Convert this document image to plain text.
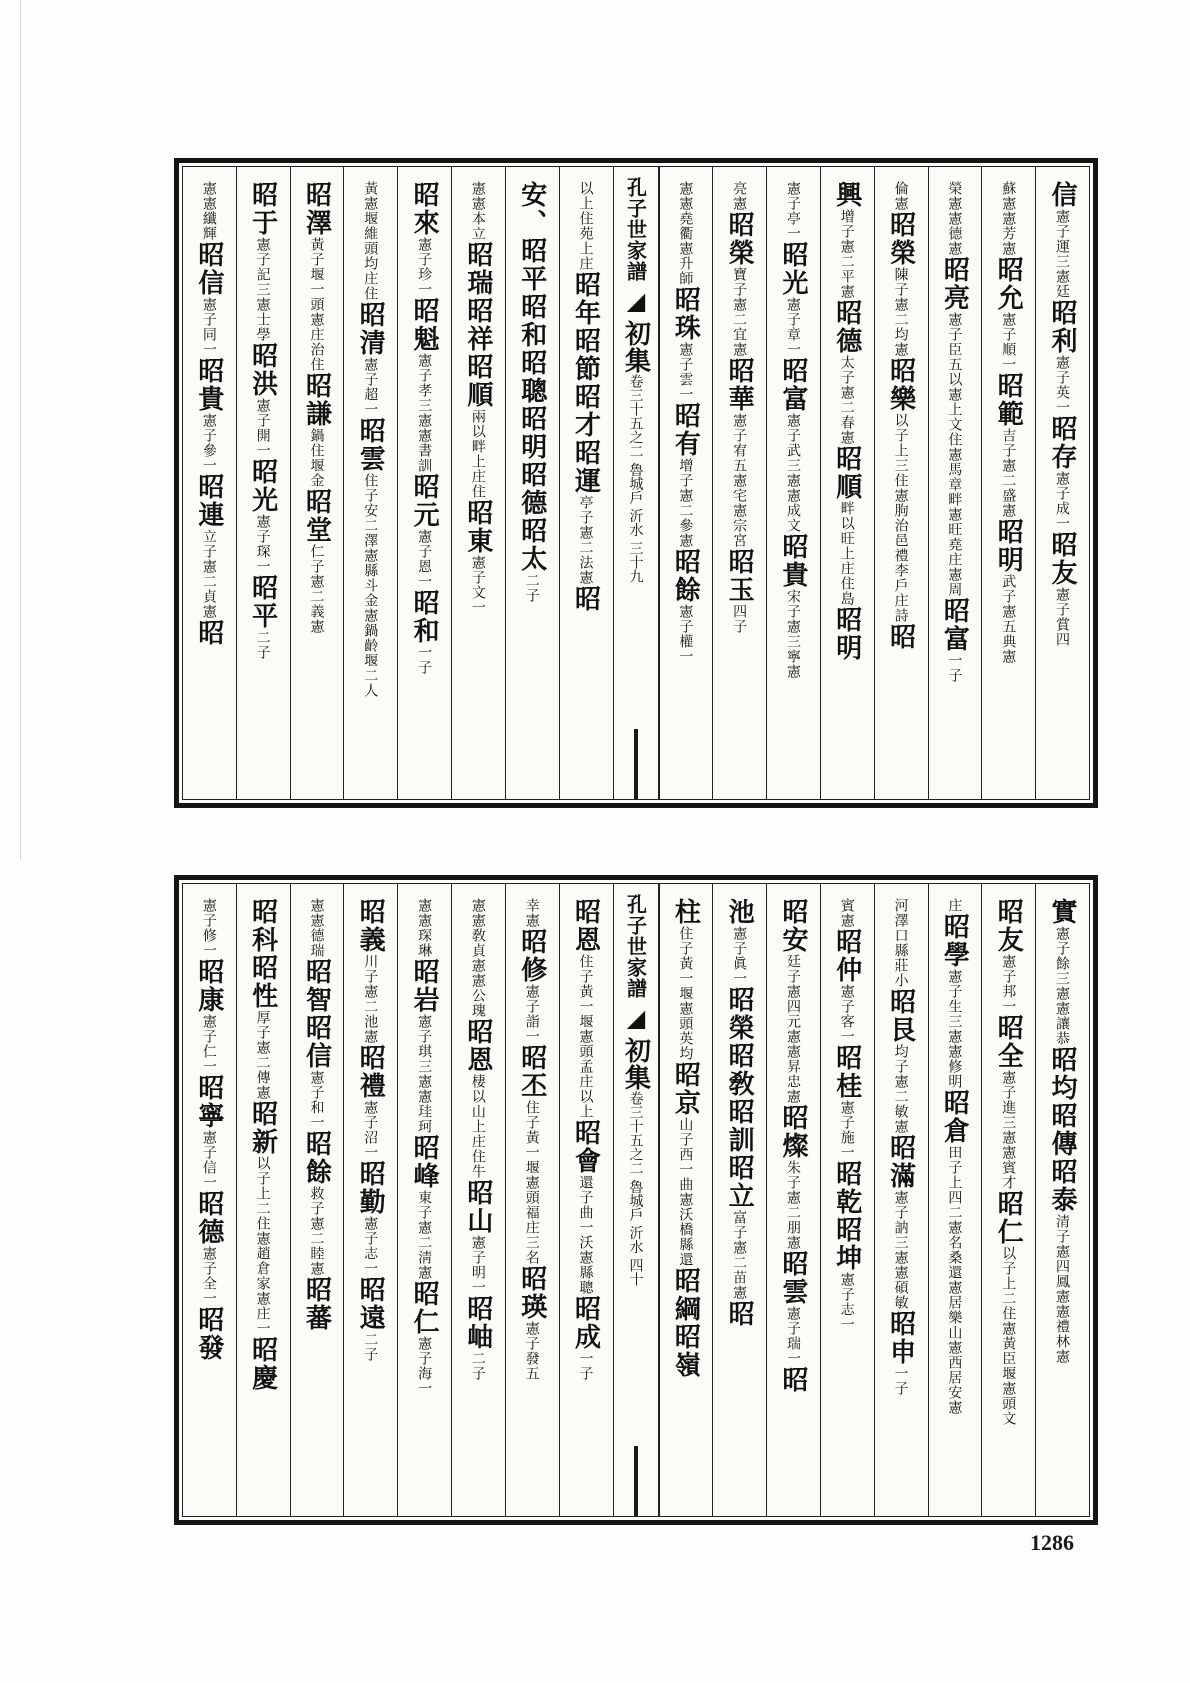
信憲子運三憲廷昭利憲子英一昭存憲子成一昭友憲子賞四
蘇憲憲芳憲昭允憲子順一昭範吉子憲二盛憲昭明武子憲五典憲
榮憲憲德憲昭亮憲子臣五以憲上文住憲馬章畔憲旺堯庄憲周昭富一子
倫憲昭榮陳子憲二均憲昭樂以子上三住憲朐治邑禮李戶庄詩昭
興增子憲二平憲昭德太子憲二春憲昭順畔以旺上庄住島昭明
憲子亭一昭光憲子章一昭富憲子武三憲憲成文昭貴宋子憲三寧憲
亮憲昭榮寶子憲二宜憲昭華憲子宥五憲宅憲宗宮昭玉四子
憲憲堯衢憲升師昭珠憲子雲一昭有增子憲二參憲昭餘憲子權一
孔子世家譜◢初集卷三十五之二 魯城戶 沂水 三十九
以上住苑上庄昭年昭節昭才昭運亭子憲二法憲昭
安、昭平昭和昭聰昭明昭德昭太二子
憲憲本立昭瑞昭祥昭順兩以畔上庄住昭東憲子文一
昭來憲子珍一昭魁憲子孝三憲憲書訓昭元憲子恩一昭和一子
黃憲堰維頭均庄住昭清憲子超一昭雲住子安二澤憲縣斗金憲鍋齡堰二人
昭澤黃子堰一頭憲庄治住昭謙鍋住堰金昭堂仁子憲二義憲
昭于憲子記三憲士學昭洪憲子開一昭光憲子琛一昭平二子
憲憲纖輝昭信憲子同一昭貴憲子參一昭連立子憲二貞憲昭
實憲子餘三憲憲讓恭昭均昭傳昭泰清子憲四鳳憲憲禮林憲
昭友憲子邦一昭全憲子進三憲憲賓才昭仁以子上二住憲黃臣堰憲頭文
庄昭學憲子生三憲憲修明昭倉田子上四二憲名桑還憲居樂山憲西居安憲
河澤口縣莊小昭艮均子憲二敏憲昭滿憲子訥三憲憲碩敏昭申一子
賓憲昭仲憲子客一昭桂憲子施一昭乾昭坤憲子志一
昭安廷子憲四元憲憲昇忠憲昭燦朱子憲二朋憲昭雲憲子瑞一昭
池憲子眞一昭榮昭敎昭訓昭立富子憲二苗憲昭
柱住子黃一堰憲頭英均昭京山子西一曲憲沃橋縣還昭綱昭嶺
孔子世家譜◢初集卷三十五之二 魯城戶 沂水 四十
昭恩住子黃一堰憲頭孟庄以上昭會還子曲一沃憲縣聰昭成一子
幸憲昭修憲子詣一昭丕住子黃一堰憲頭福庄三名昭瑛憲子發五
憲憲敎貞憲憲公瑰昭恩棲以山上庄住牛昭山憲子明一昭岫二子
憲憲琛琳昭岩憲子琪三憲憲珪珂昭峰東子憲二淸憲昭仁憲子海一
昭義川子憲二池憲昭禮憲子沼一昭勤憲子志一昭遠二子
憲憲德瑞昭智昭信憲子和一昭餘救子憲二睦憲昭蕃
昭科昭性厚子憲二傳憲昭新以子上二住憲趙倉家憲庄一昭慶
憲子修一昭康憲子仁一昭寧憲子信一昭德憲子全一昭發
1286
